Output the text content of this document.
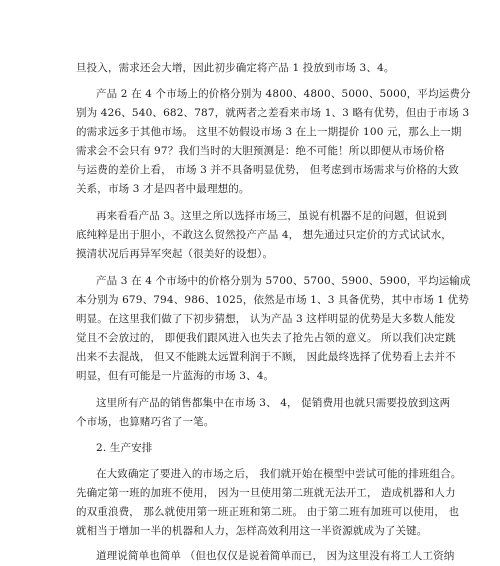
旦投入，需求还会大增，因此初步确定将产品 1 投放到市场 3、4。
产品 2 在 4 个市场上的价格分别为 4800、4800、5000、5000，平均运费分
别为 426、540、682、787，就两者之差看来市场 1、3 略有优势，但由于市场 3
的需求远多于其他市场。 这里不妨假设市场 3 在上一期提价 100 元，那么上一期
需求会不会只有 97？我们当时的大胆预测是：绝不可能！所以即便从市场价格
与运费的差价上看， 市场 3 并不具备明显优势， 但考虑到市场需求与价格的大致
关系，市场 3 才是四者中最理想的。
再来看看产品 3。这里之所以选择市场三，虽说有机器不足的问题，但说到
底纯粹是出于胆小，不敢这么贸然投产产品 4， 想先通过只定价的方式试试水，
摸清状况后再异军突起（很美好的设想）。
产品 3 在 4 个市场中的价格分别为 5700、5700、5900、5900，平均运输成
本分别为 679、794、986、1025，依然是市场 1、3 具备优势，其中市场 1 优势
明显。在这里我们做了下初步猜想， 认为产品 3 这样明显的优势是大多数人能发
觉且不会放过的， 即便我们跟风进入也失去了抢先占领的意义。 所以我们决定跳
出来不去混战， 但又不能跳太远置利润于不顾， 因此最终选择了优势看上去并不
明显，但有可能是一片蓝海的市场 3、4。
这里所有产品的销售都集中在市场 3、 4， 促销费用也就只需要投放到这两
个市场，也算赌巧省了一笔。
2. 生产安排
在大致确定了要进入的市场之后， 我们就开始在模型中尝试可能的排班组合。
先确定第一班的加班不使用， 因为一旦使用第二班就无法开工， 造成机器和人力
的双重浪费， 那么就使用第一班正班和第二班。 由于第二班有加班可以使用， 也
就相当于增加一半的机器和人力，怎样高效利用这一半资源就成为了关键。
道理说简单也简单 （但也仅仅是说着简单而已， 因为这里没有将工人工资纳
